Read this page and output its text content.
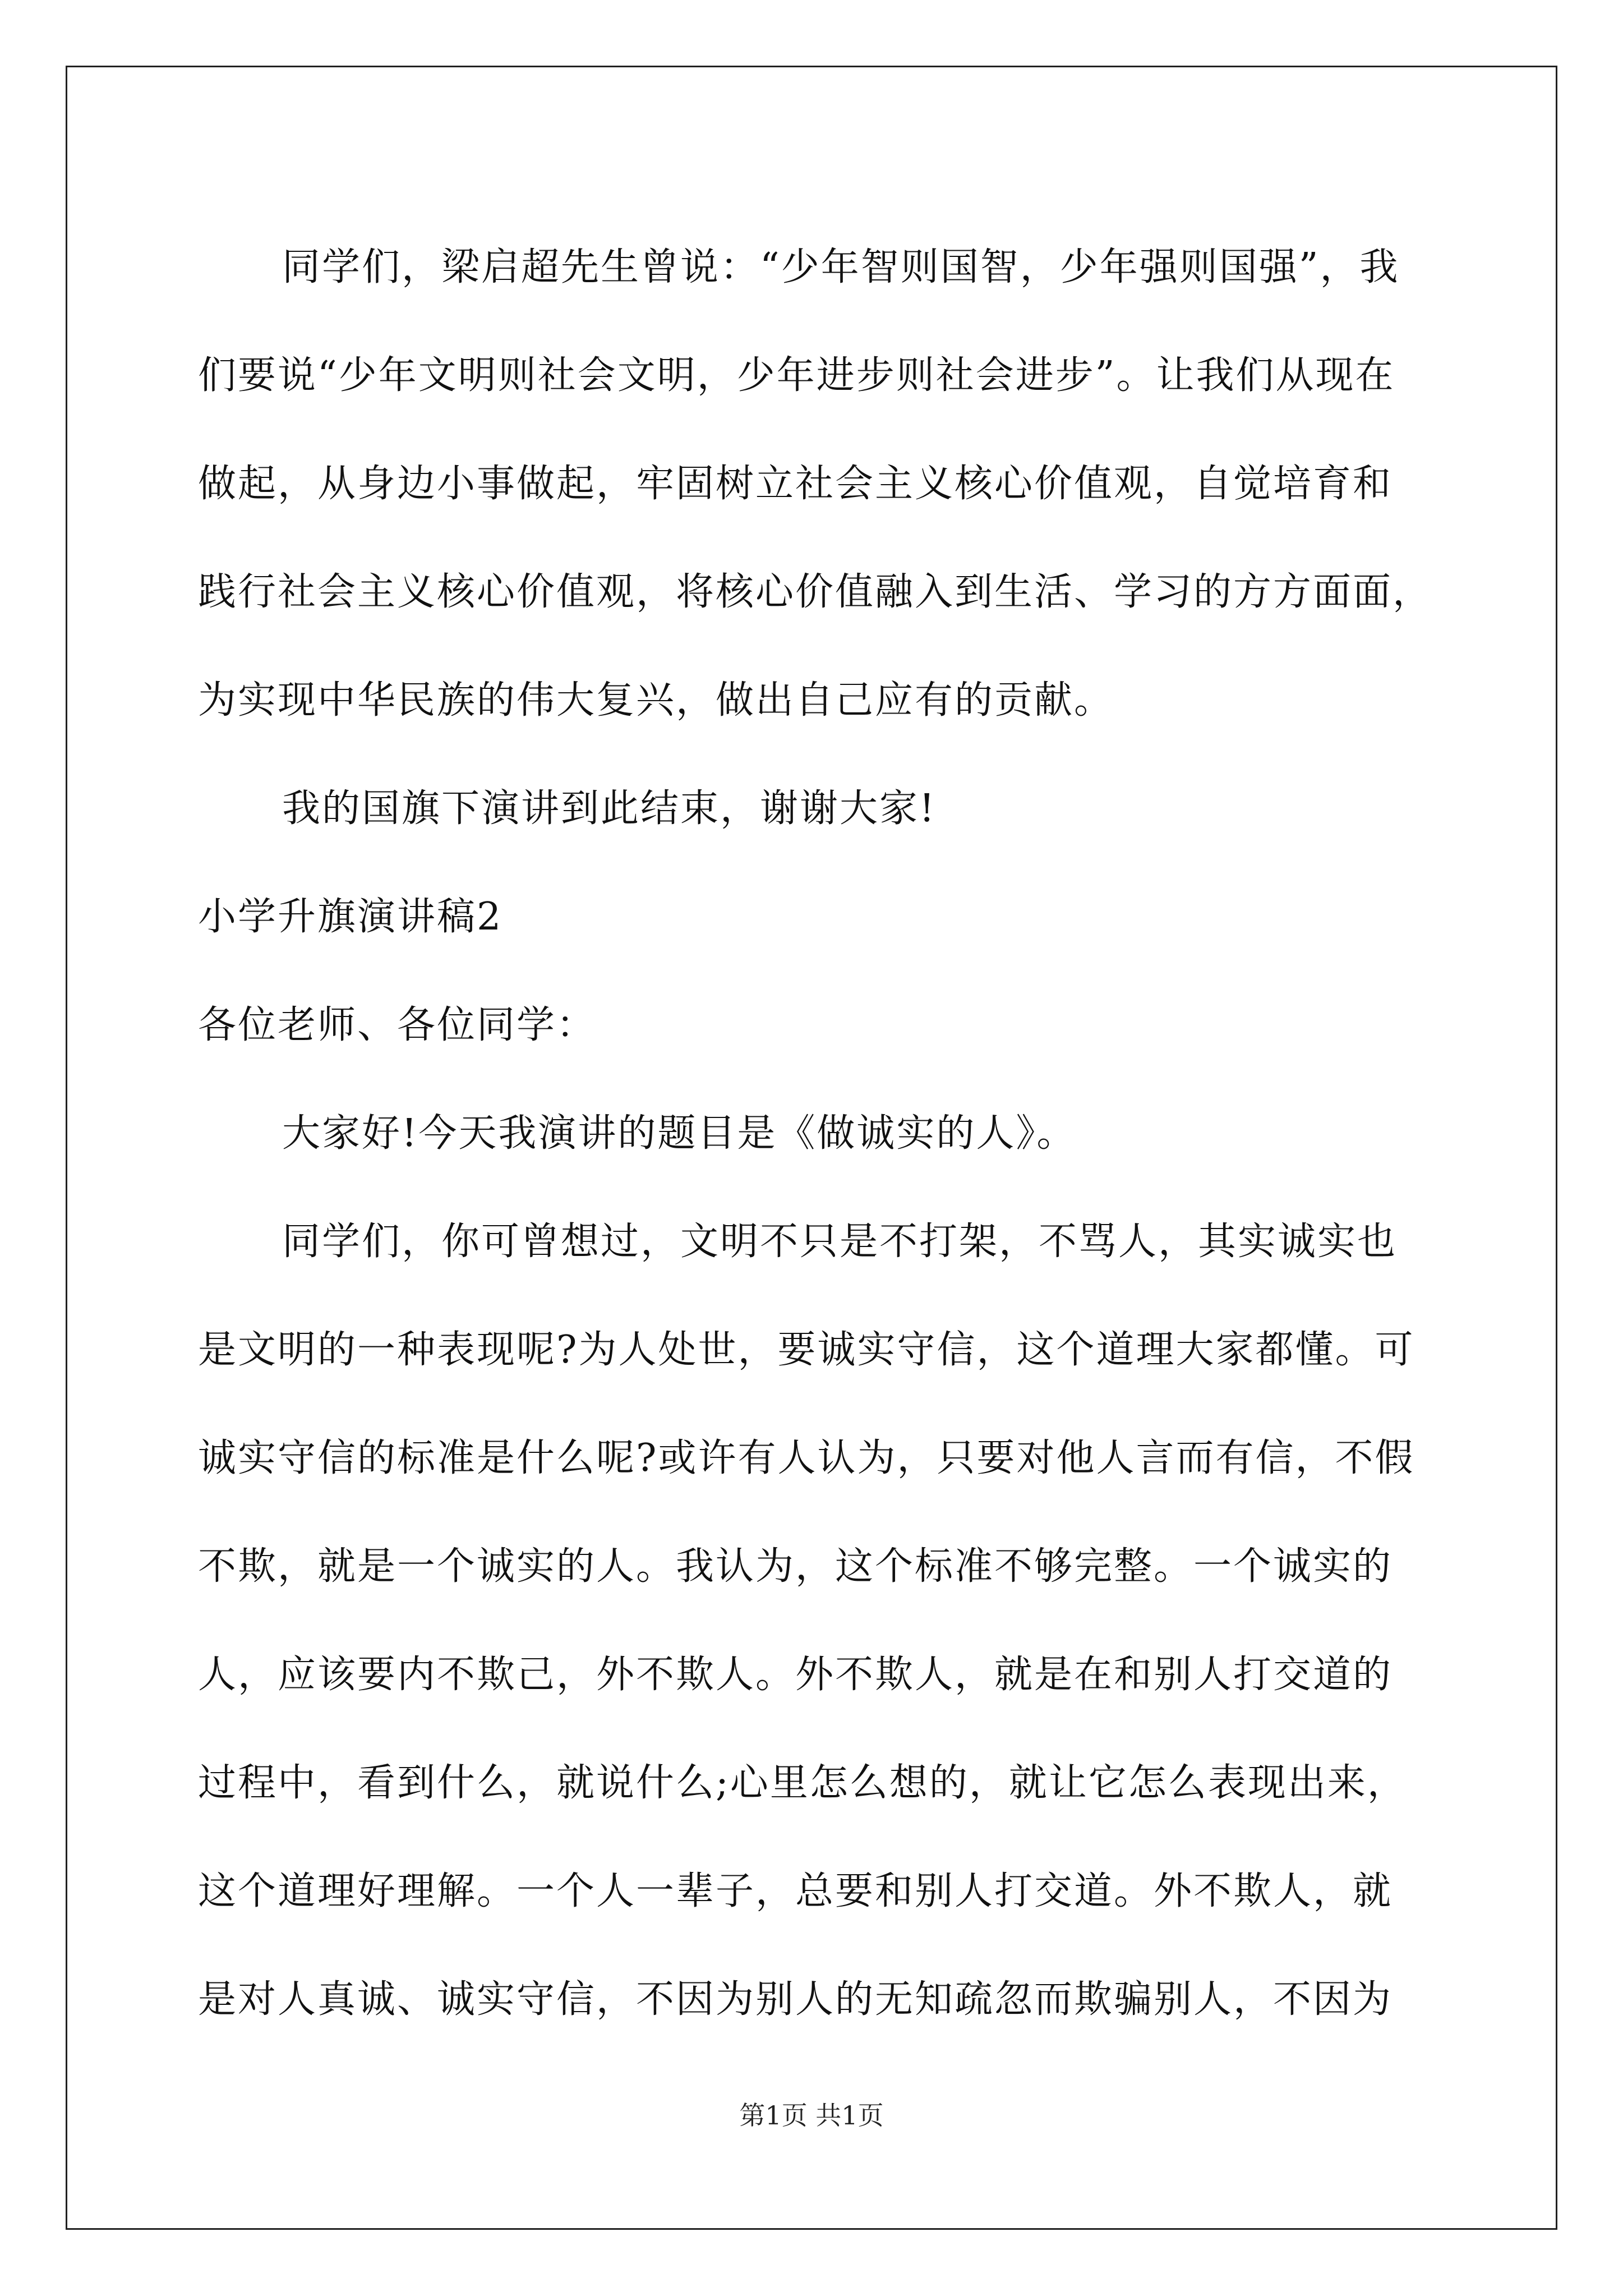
同学们，梁启超先生曾说：“少年智则国智，少年强则国强”，我
们要说“少年文明则社会文明，少年进步则社会进步”。让我们从现在
做起，从身边小事做起，牢固树立社会主义核心价值观，自觉培育和
践行社会主义核心价值观，将核心价值融入到生活、学习的方方面面，
为实现中华民族的伟大复兴，做出自己应有的贡献。
我的国旗下演讲到此结束，谢谢大家!
小学升旗演讲稿2
各位老师、各位同学：
大家好!今天我演讲的题目是《做诚实的人》。
同学们，你可曾想过，文明不只是不打架，不骂人，其实诚实也
是文明的一种表现呢?为人处世，要诚实守信，这个道理大家都懂。可
诚实守信的标准是什么呢?或许有人认为，只要对他人言而有信，不假
不欺，就是一个诚实的人。我认为，这个标准不够完整。一个诚实的
人，应该要内不欺己，外不欺人。外不欺人，就是在和别人打交道的
过程中，看到什么，就说什么;心里怎么想的，就让它怎么表现出来，
这个道理好理解。一个人一辈子，总要和别人打交道。外不欺人，就
是对人真诚、诚实守信，不因为别人的无知疏忽而欺骗别人，不因为
第1页 共1页
